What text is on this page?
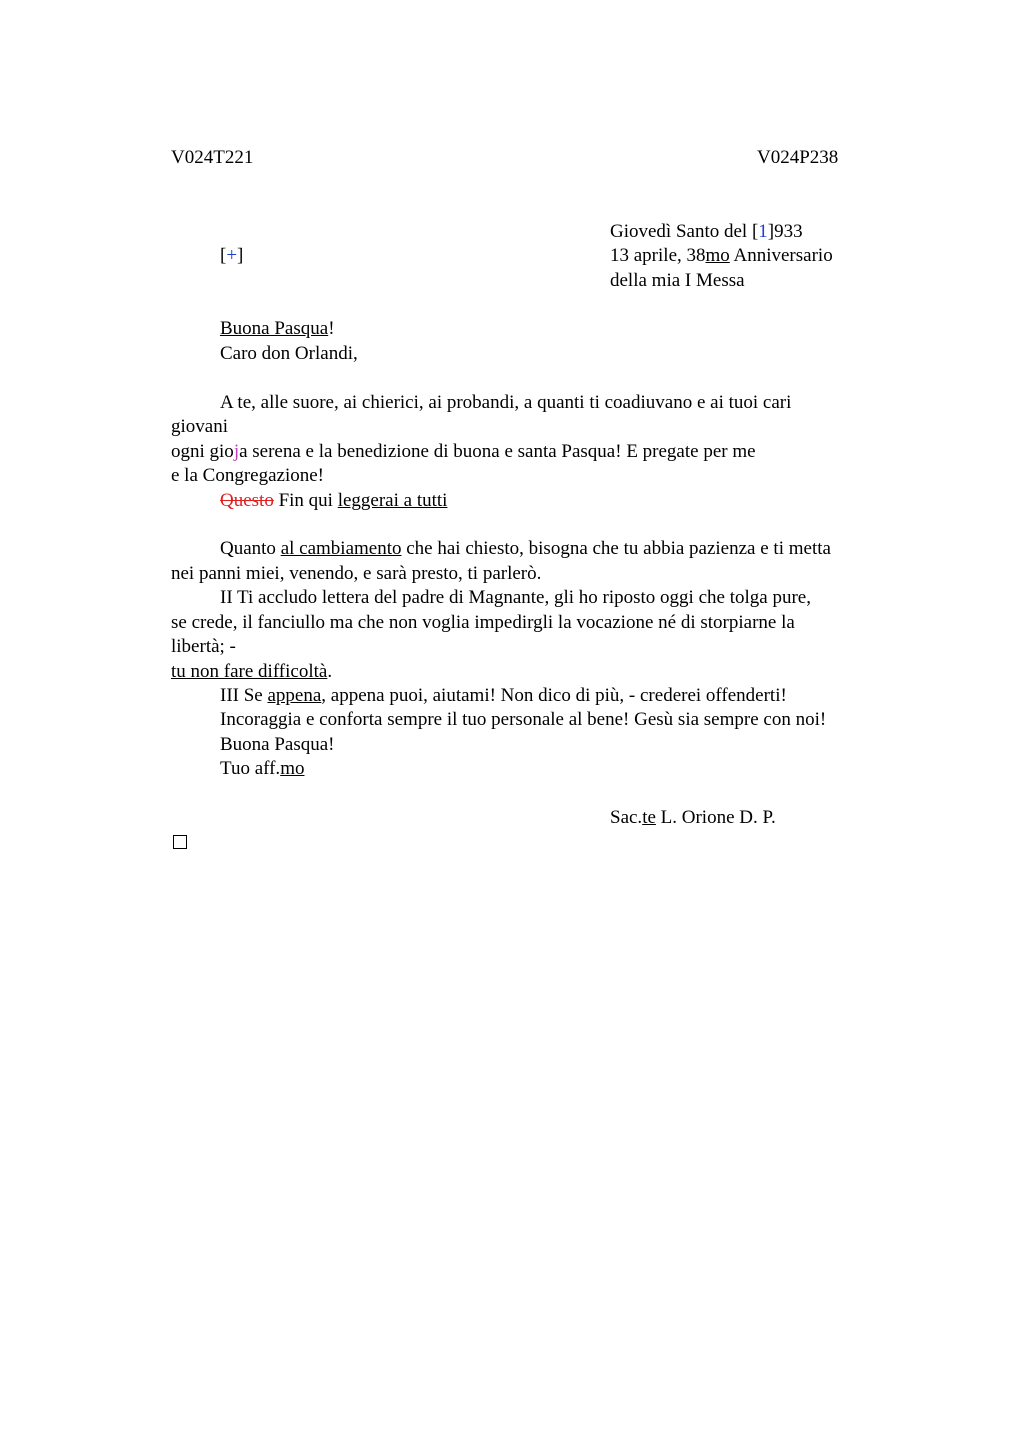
V024T221	V024P238
Giovedì Santo del [1]933
[+]	13 aprile, 38mo Anniversario
della mia I Messa
Buona Pasqua!
Caro don Orlandi,
A te, alle suore, ai chierici, ai probandi, a quanti ti coadiuvano e ai tuoi cari
giovani
ogni gioja serena e la benedizione di buona e santa Pasqua! E pregate per me
e la Congregazione!
Questo Fin qui leggerai a tutti
Quanto al cambiamento che hai chiesto, bisogna che tu abbia pazienza e ti metta
nei panni miei, venendo, e sarà presto, ti parlerò.
II Ti accludo lettera del padre di Magnante, gli ho riposto oggi che tolga pure,
se crede, il fanciullo ma che non voglia impedirgli la vocazione né di storpiarne la
libertà; -
tu non fare difficoltà.
III Se appena, appena puoi, aiutami! Non dico di più, - crederei offenderti!
Incoraggia e conforta sempre il tuo personale al bene! Gesù sia sempre con noi!
Buona Pasqua!
Tuo aff.mo
Sac.te L. Orione D. P.
